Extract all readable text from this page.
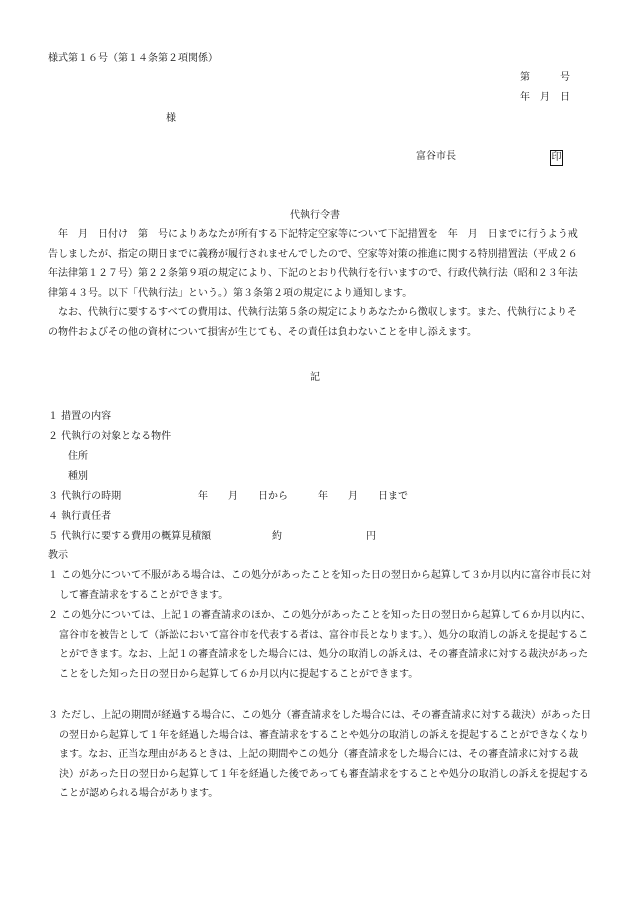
様式第１６号（第１４条第２項関係）
第　　　号
年　月　日
様
富谷市長	印
代執行令書
年　月　日付け　第　号によりあなたが所有する下記特定空家等について下記措置を　年　月　日までに行うよう戒告しましたが、指定の期日までに義務が履行されませんでしたので、空家等対策の推進に関する特別措置法（平成２６年法律第１２７号）第２２条第９項の規定により、下記のとおり代執行を行いますので、行政代執行法（昭和２３年法律第４３号。以下「代執行法」という。）第３条第２項の規定により通知します。
なお、代執行に要するすべての費用は、代執行法第５条の規定によりあなたから徴収します。また、代執行によりその物件およびその他の資材について損害が生じても、その責任は負わないことを申し添えます。
記
１ 措置の内容
２ 代執行の対象となる物件
住所
種別
３ 代執行の時期	年　　月　　日から	年　　月　　日まで
４ 執行責任者
５ 代執行に要する費用の概算見積額	約	円
教示
１ この処分について不服がある場合は、この処分があったことを知った日の翌日から起算して３か月以内に富谷市長に対して審査請求をすることができます。
２ この処分については、上記１の審査請求のほか、この処分があったことを知った日の翌日から起算して６か月以内に、富谷市を被告として（訴訟において富谷市を代表する者は、富谷市長となります。）、処分の取消しの訴えを提起することができます。なお、上記１の審査請求をした場合には、処分の取消しの訴えは、その審査請求に対する裁決があったことをした知った日の翌日から起算して６か月以内に提起することができます。
３ ただし、上記の期間が経過する場合に、この処分（審査請求をした場合には、その審査請求に対する裁決）があった日の翌日から起算して１年を経過した場合は、審査請求をすることや処分の取消しの訴えを提起することができなくなります。なお、正当な理由があるときは、上記の期間やこの処分（審査請求をした場合には、その審査請求に対する裁決）があった日の翌日から起算して１年を経過した後であっても審査請求をすることや処分の取消しの訴えを提起することが認められる場合があります。
